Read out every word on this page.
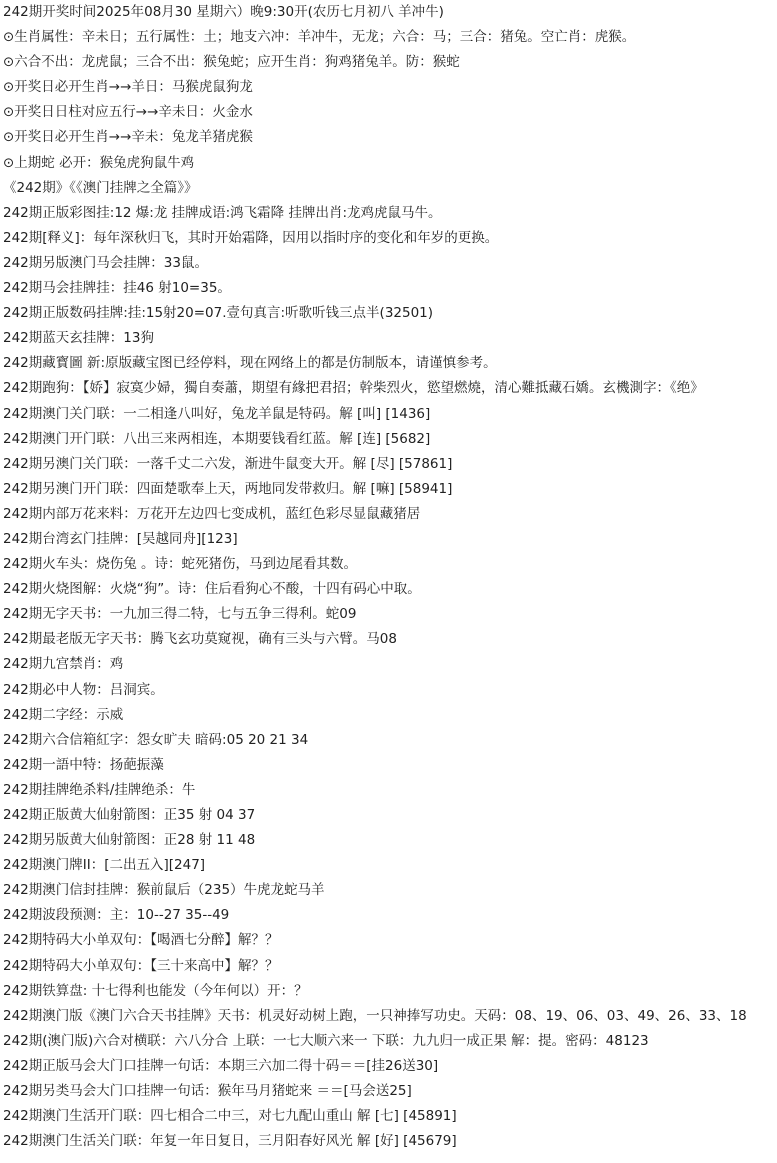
242期开奖时间2025年08月30 星期六）晚9:30开(农历七月初八 羊冲牛)
⊙生肖属性：辛未日；五行属性：土；地支六冲：羊冲牛，无龙；六合：马；三合：猪兔。空亡肖：虎猴。
⊙六合不出：龙虎鼠；三合不出：猴兔蛇；应开生肖：狗鸡猪兔羊。防：猴蛇
⊙开奖日必开生肖→→羊日：马猴虎鼠狗龙
⊙开奖日日柱对应五行→→辛未日：火金水
⊙开奖日必开生肖→→辛未：兔龙羊猪虎猴
⊙上期蛇 必开：猴兔虎狗鼠牛鸡
《242期》《《澳门挂牌之全篇》》
242期正版彩图挂:12 爆:龙 挂牌成语:鸿飞霜降 挂牌出肖:龙鸡虎鼠马牛。
242期[释义]：每年深秋归飞，其时开始霜降，因用以指时序的变化和年岁的更换。
242期另版澳门马会挂牌：33鼠。
242期马会挂牌挂：挂46 射10=35。
242期正版数码挂牌:挂:15射20=07.壹句真言:听歌听钱三点半(32501)
242期蓝天玄挂牌：13狗
242期藏寳圖 新:原版藏宝图已经停料，现在网络上的都是仿制版本，请谨慎参考。
242期跑狗：【娇】寂寞少婦，獨自奏蕭，期望有緣把君招；幹柴烈火，慾望燃燒，清心難抵藏石嬌。玄機測字：《绝》
242期澳门关门联：一二相逢八叫好，兔龙羊鼠是特码。解 [叫] [1436]
242期澳门开门联：八出三来两相连，本期要钱看红蓝。解 [连] [5682]
242期另澳门关门联：一落千丈二六发，渐进牛鼠变大开。解 [尽] [57861]
242期另澳门开门联：四面楚歌奉上天，两地同发带救归。解 [嘛] [58941]
242期内部万花来料：万花开左边四七变成机，蓝红色彩尽显鼠藏猪居
242期台湾玄门挂牌：[吴越同舟][123]
242期火车头：烧伤兔 。诗：蛇死猪伤，马到边尾看其数。
242期火烧图解：火烧“狗”。诗：住后看狗心不酸，十四有码心中取。
242期无字天书：一九加三得二特，七与五争三得利。蛇09
242期最老版无字天书：腾飞玄功莫窥视，确有三头与六臂。马08
242期九宫禁肖：鸡
242期必中人物：吕洞宾。
242期二字经：示威
242期六合信箱紅字：怨女旷夫 暗码:05 20 21 34
242期一語中特：扬葩振藻
242期挂牌绝杀料/挂牌绝杀：牛
242期正版黄大仙射箭图：正35 射 04 37
242期另版黄大仙射箭图：正28 射 11 48
242期澳门牌II：[二出五入][247]
242期澳门信封挂牌：猴前鼠后（235）牛虎龙蛇马羊
242期波段预测：主：10--27 35--49
242期特码大小单双句：【喝酒七分醉】解？？
242期特码大小单双句：【三十来高中】解？？
242期铁算盘: 十七得利也能发（今年何以）开：？
242期澳门版《澳门六合天书挂牌》天书：机灵好动树上跑，一只神捧写功史。天码：08、19、06、03、49、26、33、18
242期(澳门版)六合对横联：六八分合 上联：一七大顺六来一 下联：九九归一成正果 解：提。密码：48123
242期正版马会大门口挂牌一句话：本期三六加二得十码＝＝[挂26送30]
242期另类马会大门口挂牌一句话：猴年马月猪蛇来 ＝＝[马会送25]
242期澳门生活开门联：四七相合二中三，对七九配山重山 解 [七] [45891]
242期澳门生活关门联：年复一年日复日，三月阳春好风光 解 [好] [45679]
